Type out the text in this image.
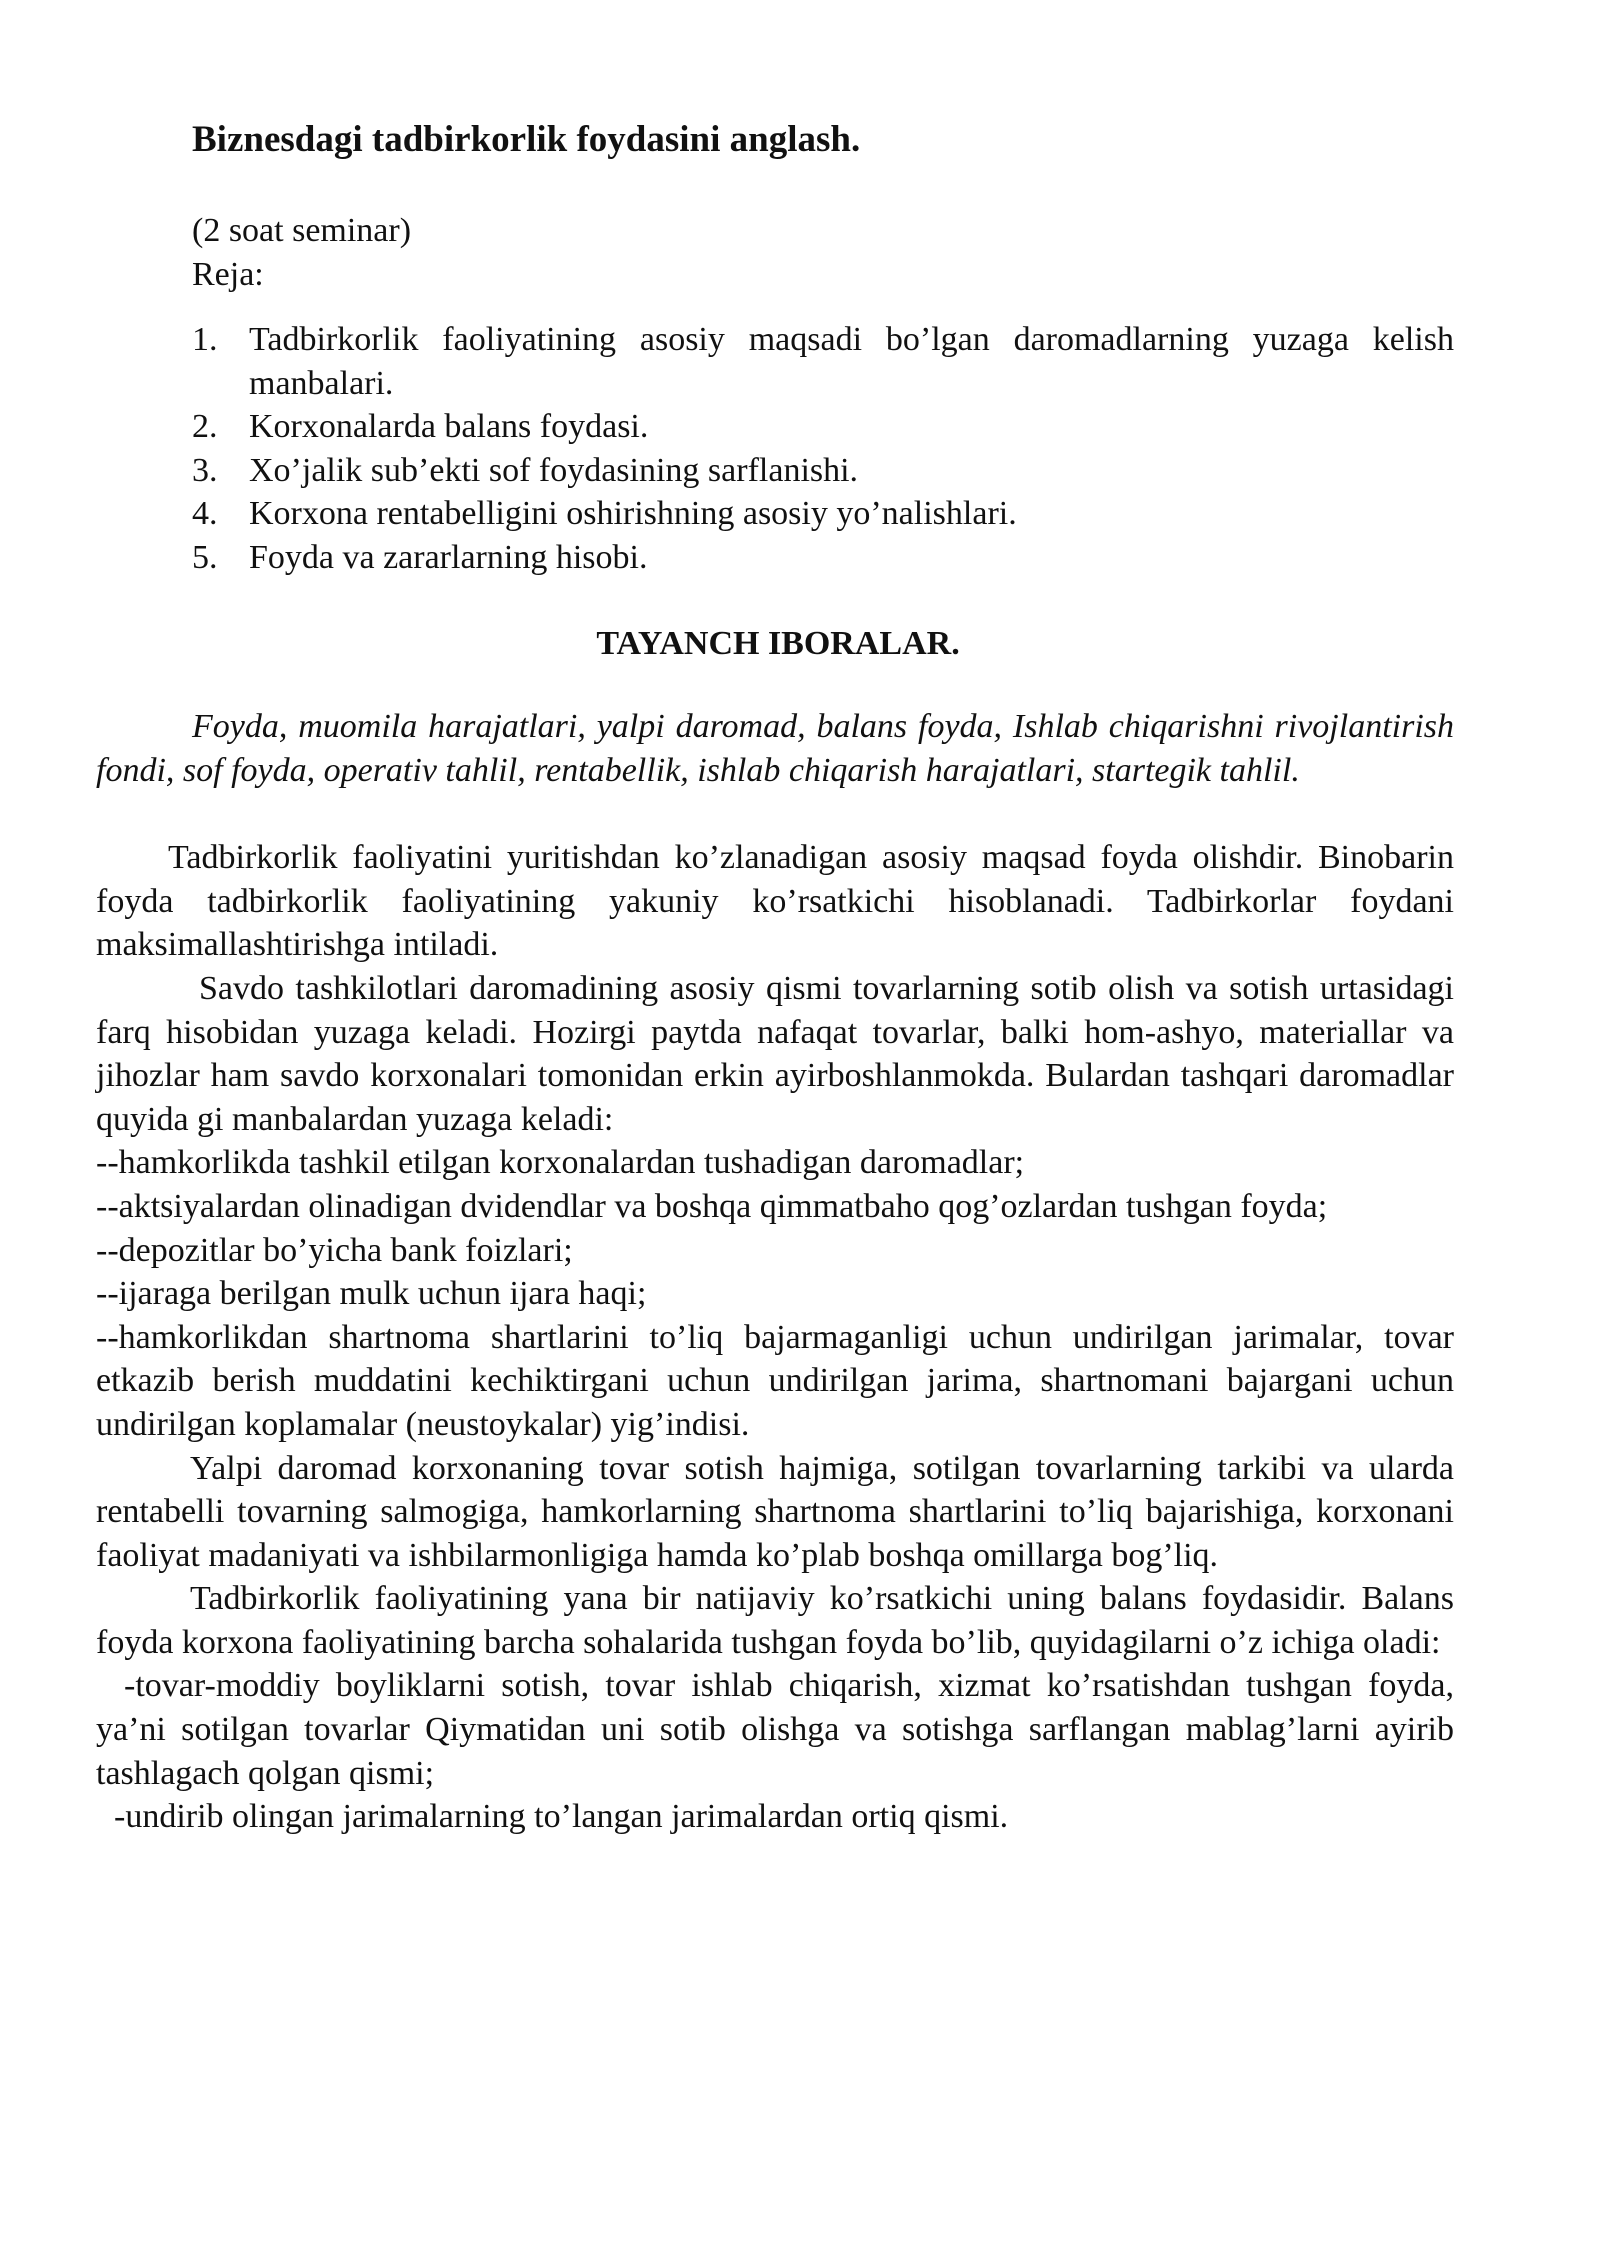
Biznesdagi tadbirkorlik foydasini anglash.

(2 soat seminar)

Reja:

1. Tadbirkorlik faoliyatining asosiy maqsadi bo’lgan daromadlarning yuzaga kelish manbalari.
2. Korxonalarda balans foydasi.
3. Xo’jalik sub’ekti sof foydasining sarflanishi.
4. Korxona rentabelligini oshirishning asosiy yo’nalishlari.
5. Foyda va zararlarning hisobi.
TAYANCH IBORALAR.

Foyda, muomila harajatlari, yalpi daromad, balans foyda, Ishlab chiqarishni rivojlantirish fondi, sof foyda, operativ tahlil, rentabellik, ishlab chiqarish harajatlari, startegik tahlil.

Tadbirkorlik faoliyatini yuritishdan ko’zlanadigan asosiy maqsad foyda olishdir. Binobarin foyda tadbirkorlik faoliyatining yakuniy ko’rsatkichi hisoblanadi. Tadbirkorlar foydani maksimallashtirishga intiladi.

Savdo tashkilotlari daromadining asosiy qismi tovarlarning sotib olish va sotish urtasidagi farq hisobidan yuzaga keladi. Hozirgi paytda nafaqat tovarlar, balki hom-ashyo, materiallar va jihozlar ham savdo korxonalari tomonidan erkin ayirboshlanmokda. Bulardan tashqari daromadlar quyida gi manbalardan yuzaga keladi:

--hamkorlikda tashkil etilgan korxonalardan tushadigan daromadlar;

--aktsiyalardan olinadigan dvidendlar va boshqa qimmatbaho qog’ozlardan tushgan foyda;

--depozitlar bo’yicha bank foizlari;

--ijaraga berilgan mulk uchun ijara haqi;

--hamkorlikdan shartnoma shartlarini to’liq bajarmaganligi uchun undirilgan jarimalar, tovar etkazib berish muddatini kechiktirgani uchun undirilgan jarima, shartnomani bajargani uchun undirilgan koplamalar (neustoykalar) yig’indisi.

Yalpi daromad korxonaning tovar sotish hajmiga, sotilgan tovarlarning tarkibi va ularda rentabelli tovarning salmogiga, hamkorlarning shartnoma shartlarini to’liq bajarishiga, korxonani faoliyat madaniyati va ishbilarmonligiga hamda ko’plab boshqa omillarga bog’liq.

Tadbirkorlik faoliyatining yana bir natijaviy ko’rsatkichi uning balans foydasidir. Balans foyda korxona faoliyatining barcha sohalarida tushgan foyda bo’lib, quyidagilarni o’z ichiga oladi:

-tovar-moddiy boyliklarni sotish, tovar ishlab chiqarish, xizmat ko’rsatishdan tushgan foyda, ya’ni sotilgan tovarlar Qiymatidan uni sotib olishga va sotishga sarflangan mablag’larni ayirib tashlagach qolgan qismi;

-undirib olingan jarimalarning to’langan jarimalardan ortiq qismi.
